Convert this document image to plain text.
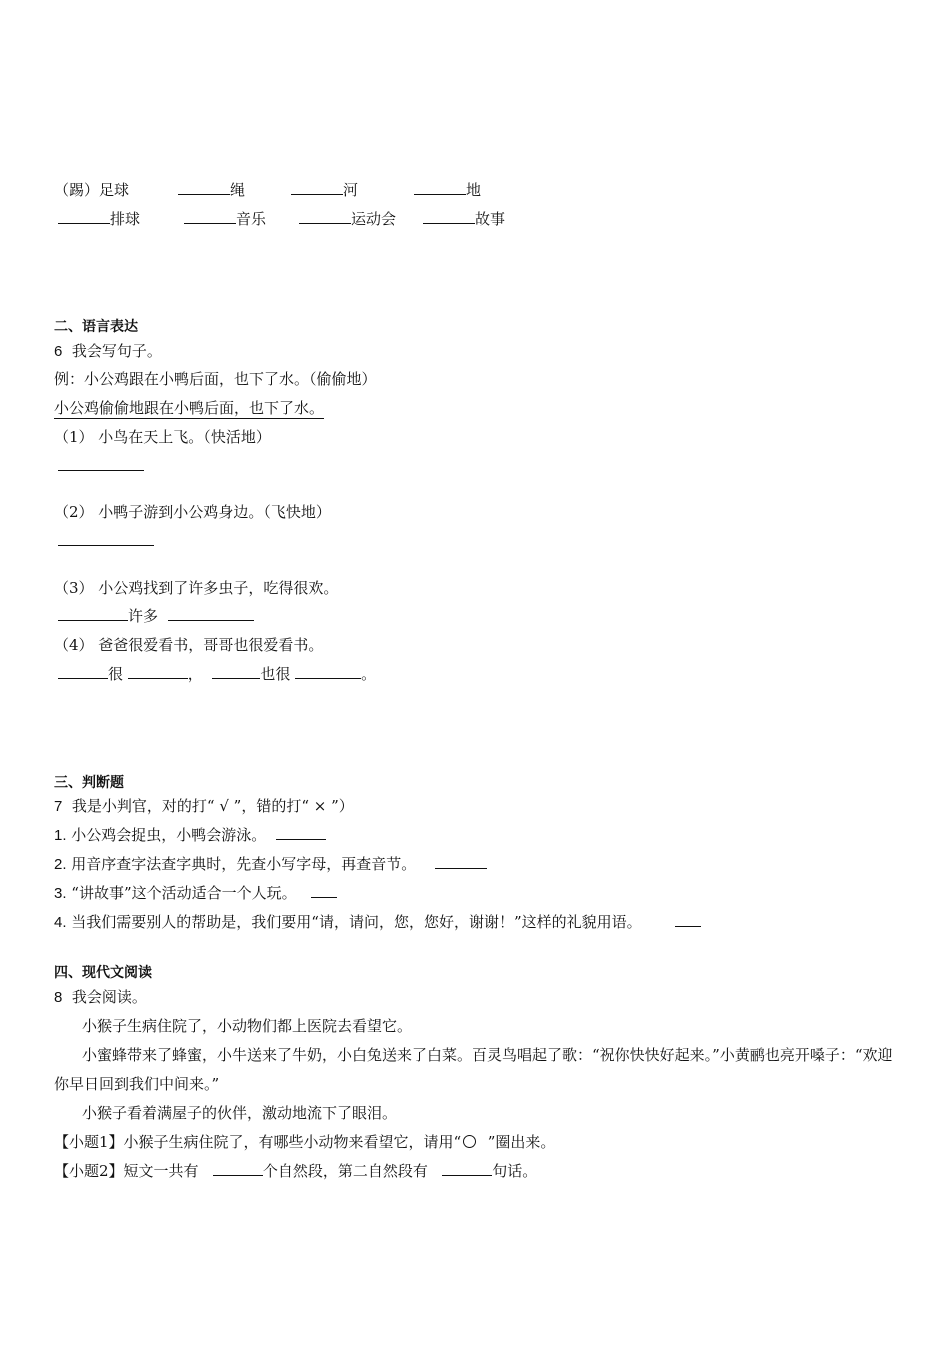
（踢）足球	绳	河	地
排球	音乐	运动会	故事
二、语言表达
6 我会写句子。
例：小公鸡跟在小鸭后面，也下了水。（偷偷地）
小公鸡偷偷地跟在小鸭后面，也下了水。
（1） 小鸟在天上飞。（快活地）
（2） 小鸭子游到小公鸡身边。（飞快地）
（3） 小公鸡找到了许多虫子，吃得很欢。
许多
（4） 爸爸很爱看书，哥哥也很爱看书。
很	，	也很	。
三、判断题
7 我是小判官，对的打“ √ ”，错的打“ × ”）
1. 小公鸡会捉虫，小鸭会游泳。
2. 用音序查字法查字典时，先查小写字母，再查音节。
3. “讲故事”这个活动适合一个人玩。
4. 当我们需要别人的帮助是，我们要用“请，请问，您，您好，谢谢！”这样的礼貌用语。
四、现代文阅读
8 我会阅读。
小猴子生病住院了，小动物们都上医院去看望它。
小蜜蜂带来了蜂蜜，小牛送来了牛奶，小白兔送来了白菜。百灵鸟唱起了歌：“祝你快快好起来。”小黄鹂也亮开嗓子：“欢迎你早日回到我们中间来。”
小猴子看着满屋子的伙伴，激动地流下了眼泪。
【小题1】小猴子生病住院了，有哪些小动物来看望它，请用“ ”圈出来。
【小题2】短文一共有	个自然段，第二自然段有	句话。
